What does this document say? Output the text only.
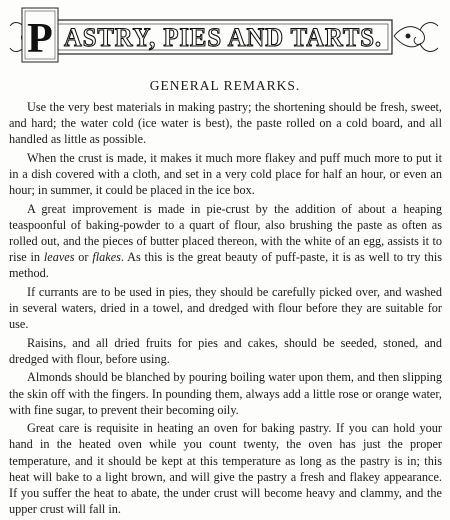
P ASTRY, PIES AND TARTS.
GENERAL REMARKS.

Use the very best materials in making pastry; the shortening should be fresh, sweet, and hard; the water cold (ice water is best), the paste rolled on a cold board, and all handled as little as possible.

When the crust is made, it makes it much more flakey and puff much more to put it in a dish covered with a cloth, and set in a very cold place for half an hour, or even an hour; in summer, it could be placed in the ice box.

A great improvement is made in pie-crust by the addition of about a heaping teaspoonful of baking-powder to a quart of flour, also brushing the paste as often as rolled out, and the pieces of butter placed thereon, with the white of an egg, assists it to rise in leaves or flakes. As this is the great beauty of puff-paste, it is as well to try this method.

If currants are to be used in pies, they should be carefully picked over, and washed in several waters, dried in a towel, and dredged with flour before they are suitable for use.

Raisins, and all dried fruits for pies and cakes, should be seeded, stoned, and dredged with flour, before using.

Almonds should be blanched by pouring boiling water upon them, and then slipping the skin off with the fingers. In pounding them, always add a little rose or orange water, with fine sugar, to prevent their becoming oily.

Great care is requisite in heating an oven for baking pastry. If you can hold your hand in the heated oven while you count twenty, the oven has just the proper temperature, and it should be kept at this temperature as long as the pastry is in; this heat will bake to a light brown, and will give the pastry a fresh and flakey appearance. If you suffer the heat to abate, the under crust will become heavy and clammy, and the upper crust will fall in.
